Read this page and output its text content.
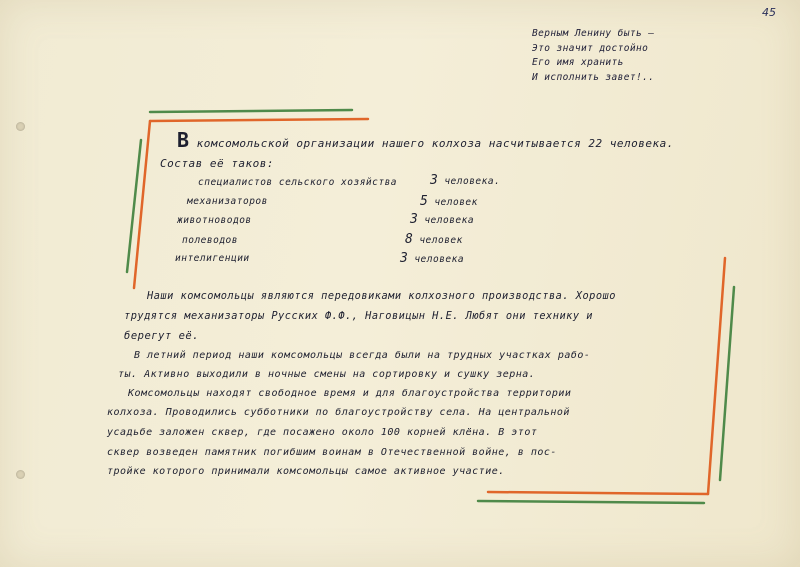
45
Верным Ленину быть —
Это значит достойно
Его имя хранить
И исполнить завет!..
В комсомольской организации нашего колхоза насчитывается 22 человека.
Состав её таков:
специалистов сельского хозяйства	3 человека.
механизаторов	5 человек
животноводов	3 человека
полеводов	8 человек
интелигенции	3 человека
Наши комсомольцы являются передовиками колхозного производства. Хорошо
трудятся механизаторы Русских Ф.Ф., Наговицын Н.Е. Любят они технику и
берегут её.
В летний период наши комсомольцы всегда были на трудных участках рабо-
ты. Активно выходили в ночные смены на сортировку и сушку зерна.
Комсомольцы находят свободное время и для благоустройства территории
колхоза. Проводились субботники по благоустройству села. На центральной
усадьбе заложен сквер, где посажено около 100 корней клёна. В этот
сквер возведен памятник погибшим воинам в Отечественной войне, в пос-
тройке которого принимали комсомольцы самое активное участие.
